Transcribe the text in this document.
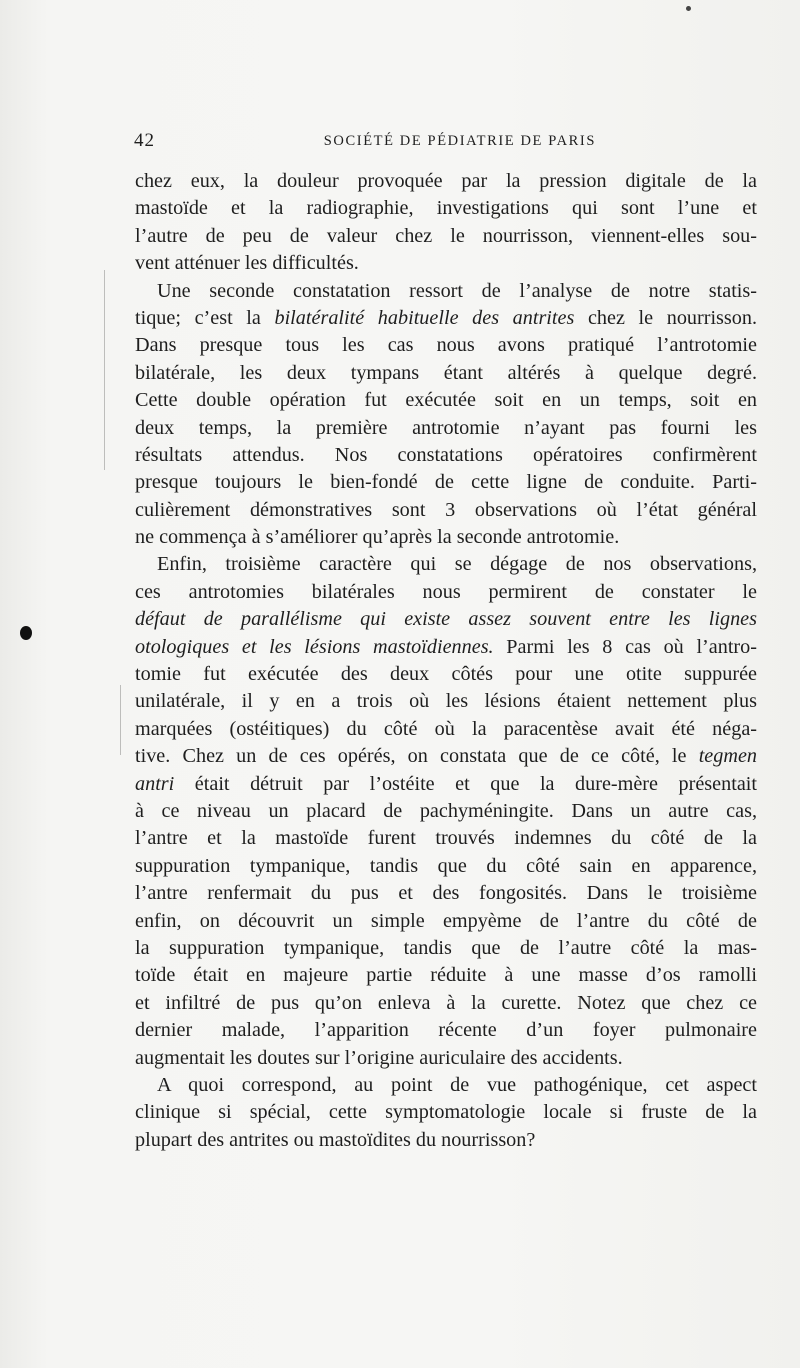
42	SOCIÉTÉ DE PÉDIATRIE DE PARIS
chez eux, la douleur provoquée par la pression digitale de la
mastoïde et la radiographie, investigations qui sont l’une et
l’autre de peu de valeur chez le nourrisson, viennent-elles sou-
vent atténuer les difficultés.
Une seconde constatation ressort de l’analyse de notre statis-
tique; c’est la bilatéralité habituelle des antrites chez le nourrisson.
Dans presque tous les cas nous avons pratiqué l’antrotomie
bilatérale, les deux tympans étant altérés à quelque degré.
Cette double opération fut exécutée soit en un temps, soit en
deux temps, la première antrotomie n’ayant pas fourni les
résultats attendus. Nos constatations opératoires confirmèrent
presque toujours le bien-fondé de cette ligne de conduite. Parti-
culièrement démonstratives sont 3 observations où l’état général
ne commença à s’améliorer qu’après la seconde antrotomie.
Enfin, troisième caractère qui se dégage de nos observations,
ces antrotomies bilatérales nous permirent de constater le
défaut de parallélisme qui existe assez souvent entre les lignes
otologiques et les lésions mastoïdiennes. Parmi les 8 cas où l’antro-
tomie fut exécutée des deux côtés pour une otite suppurée
unilatérale, il y en a trois où les lésions étaient nettement plus
marquées (ostéitiques) du côté où la paracentèse avait été néga-
tive. Chez un de ces opérés, on constata que de ce côté, le tegmen
antri était détruit par l’ostéite et que la dure-mère présentait
à ce niveau un placard de pachyméningite. Dans un autre cas,
l’antre et la mastoïde furent trouvés indemnes du côté de la
suppuration tympanique, tandis que du côté sain en apparence,
l’antre renfermait du pus et des fongosités. Dans le troisième
enfin, on découvrit un simple empyème de l’antre du côté de
la suppuration tympanique, tandis que de l’autre côté la mas-
toïde était en majeure partie réduite à une masse d’os ramolli
et infiltré de pus qu’on enleva à la curette. Notez que chez ce
dernier malade, l’apparition récente d’un foyer pulmonaire
augmentait les doutes sur l’origine auriculaire des accidents.
A quoi correspond, au point de vue pathogénique, cet aspect
clinique si spécial, cette symptomatologie locale si fruste de la
plupart des antrites ou mastoïdites du nourrisson?
